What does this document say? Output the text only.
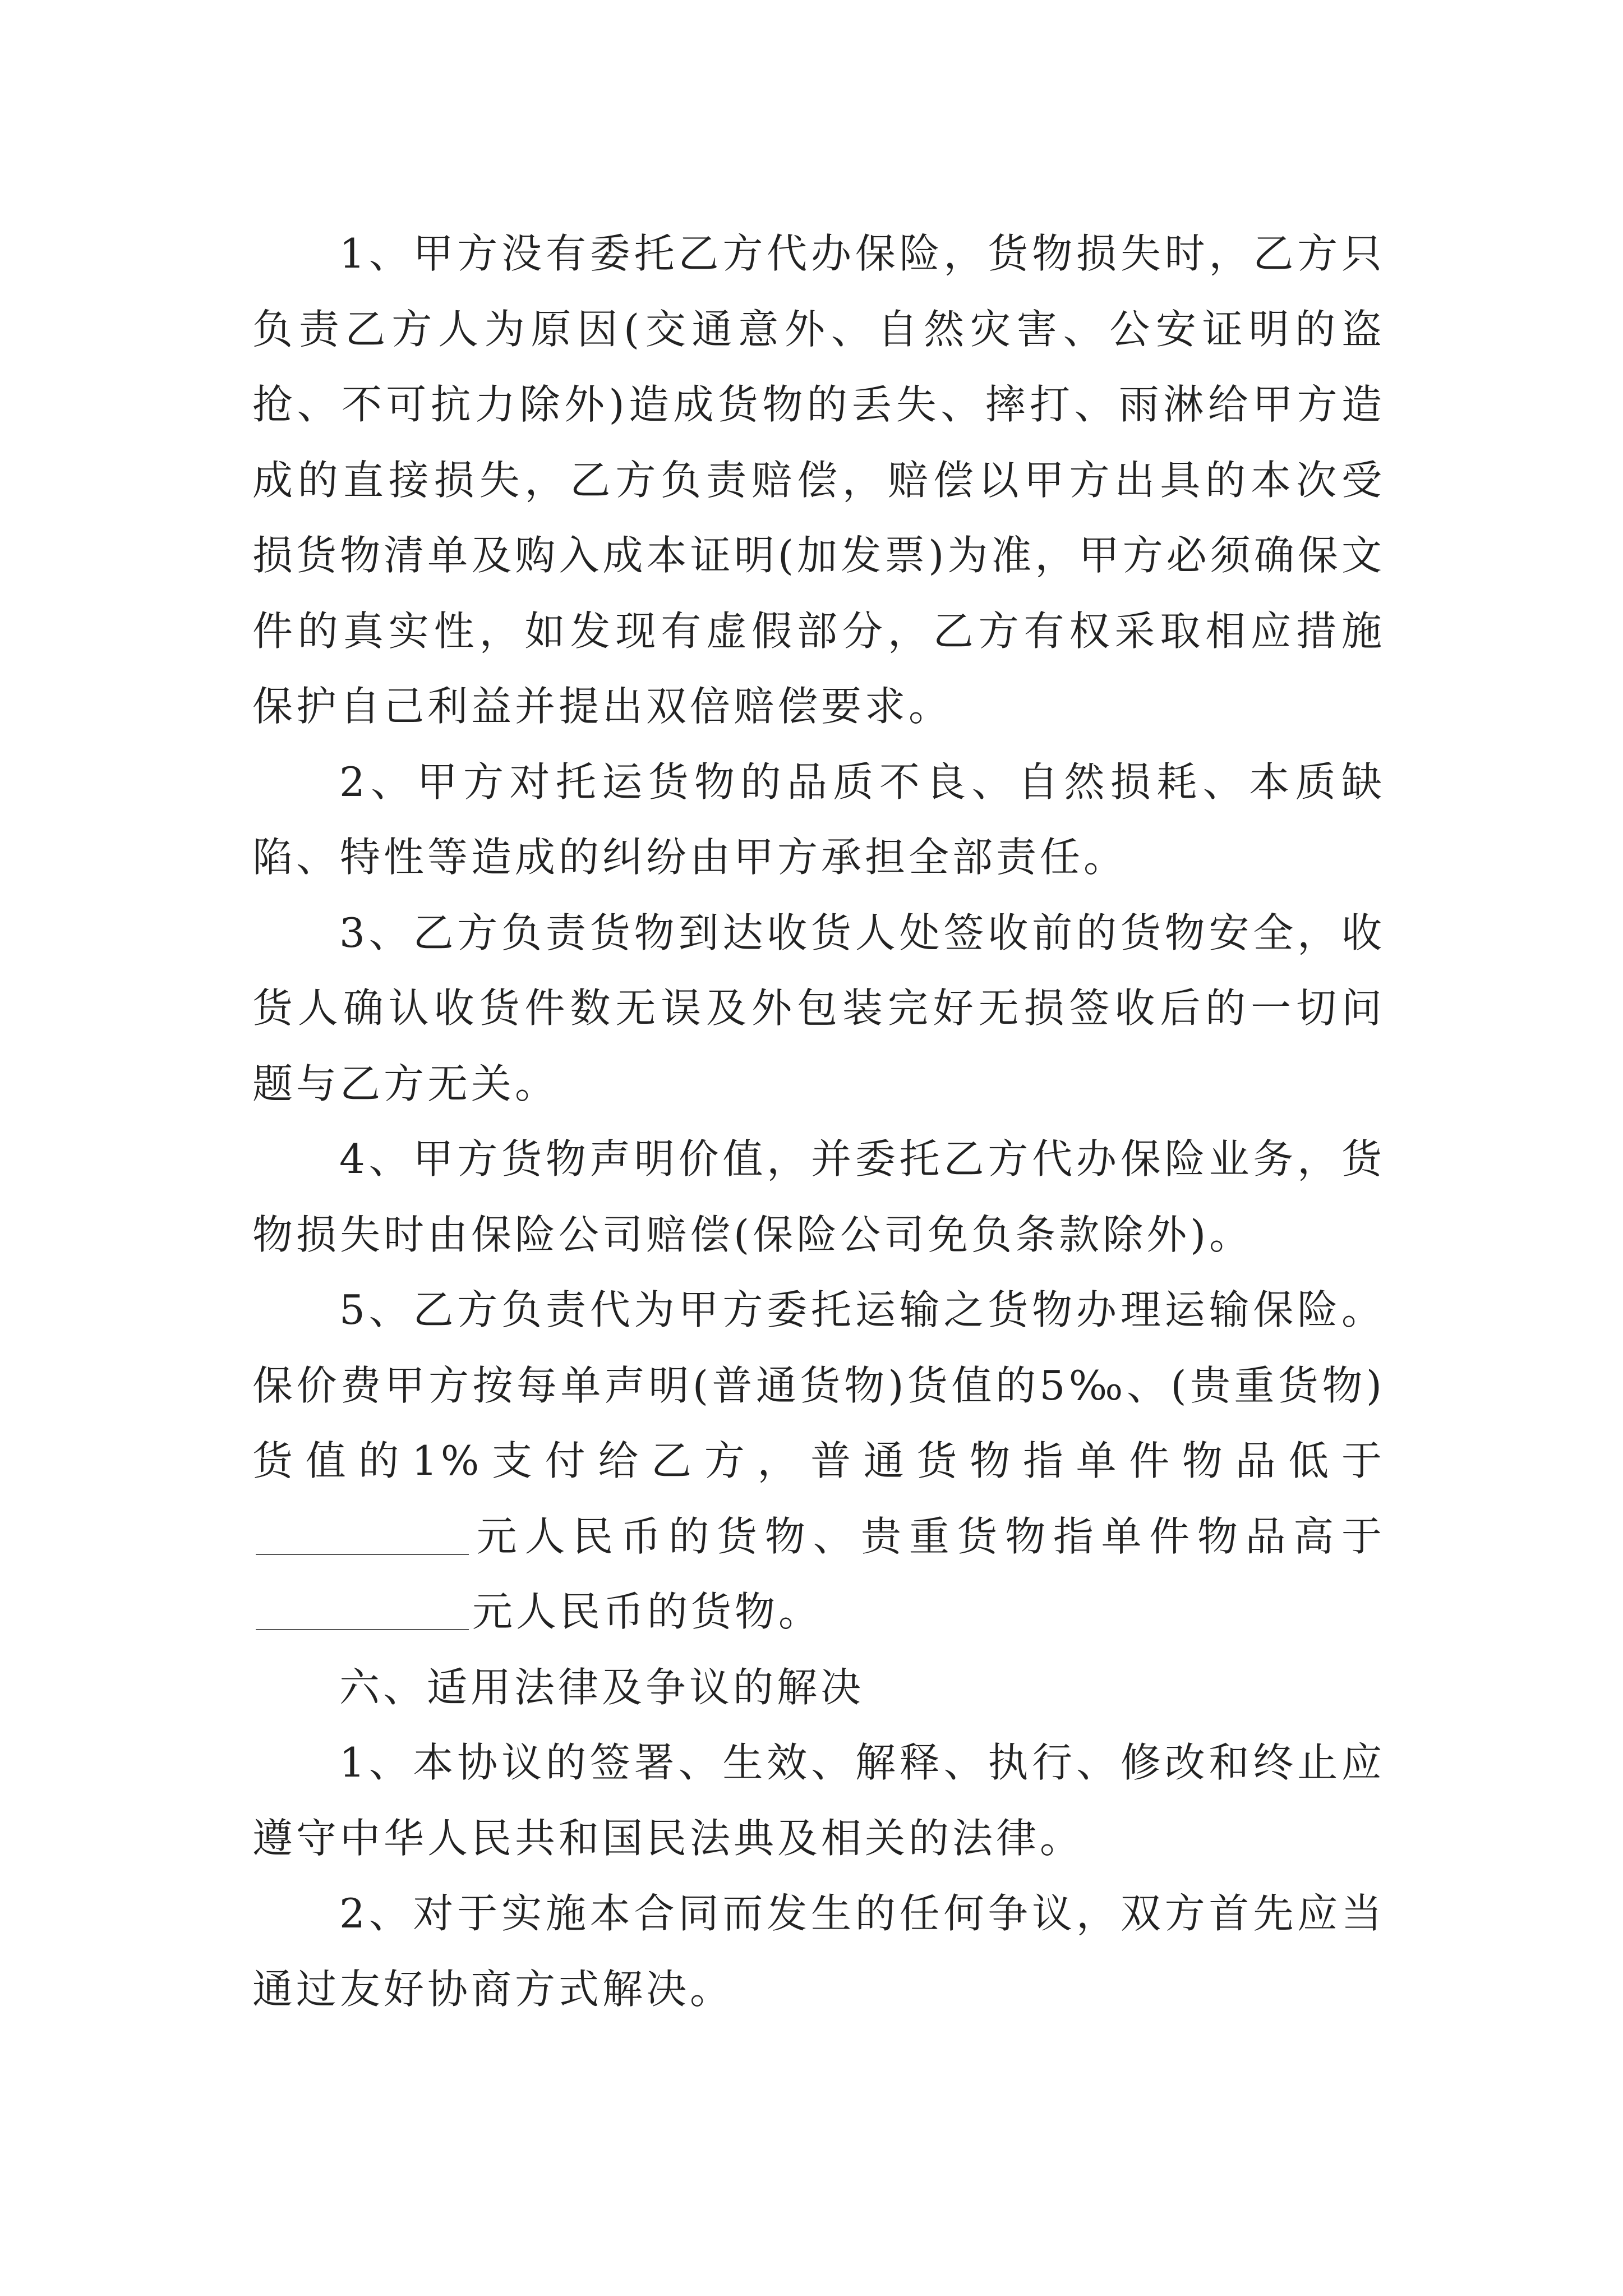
1、甲方没有委托乙方代办保险，货物损失时，乙方只负责乙方人为原因(交通意外、自然灾害、公安证明的盗抢、不可抗力除外)造成货物的丢失、摔打、雨淋给甲方造成的直接损失，乙方负责赔偿，赔偿以甲方出具的本次受损货物清单及购入成本证明(加发票)为准，甲方必须确保文件的真实性，如发现有虚假部分，乙方有权采取相应措施保护自己利益并提出双倍赔偿要求。

2、甲方对托运货物的品质不良、自然损耗、本质缺陷、特性等造成的纠纷由甲方承担全部责任。

3、乙方负责货物到达收货人处签收前的货物安全，收货人确认收货件数无误及外包装完好无损签收后的一切问题与乙方无关。

4、甲方货物声明价值，并委托乙方代办保险业务，货物损失时由保险公司赔偿(保险公司免负条款除外)。

5、乙方负责代为甲方委托运输之货物办理运输保险。保价费甲方按每单声明(普通货物)货值的5‰、(贵重货物)货值的1%支付给乙方，普通货物指单件物品低于元人民币的货物、贵重货物指单件物品高于元人民币的货物。

六、适用法律及争议的解决

1、本协议的签署、生效、解释、执行、修改和终止应遵守中华人民共和国民法典及相关的法律。

2、对于实施本合同而发生的任何争议，双方首先应当通过友好协商方式解决。
